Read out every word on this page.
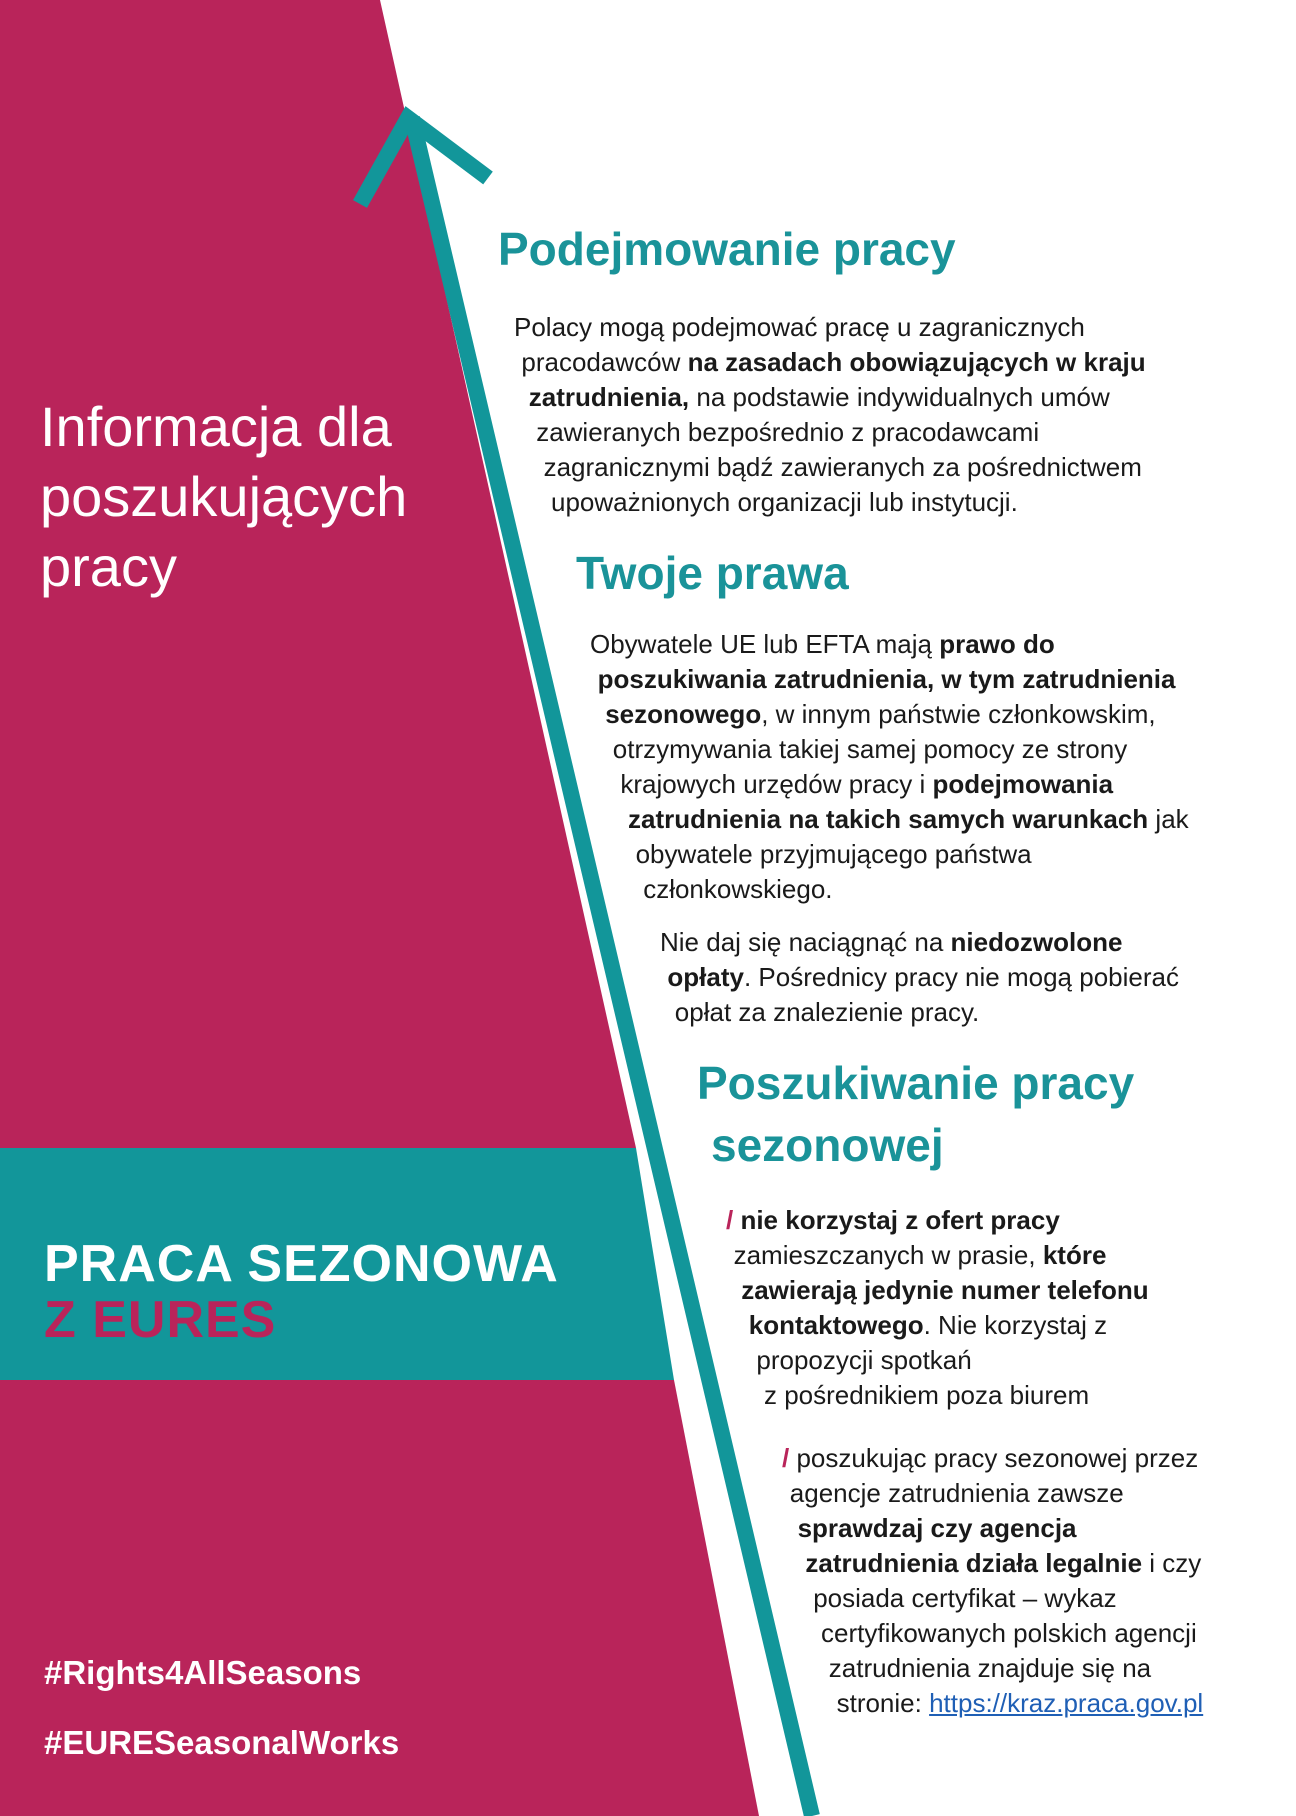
Informacja dla
poszukujących
pracy
PRACA SEZONOWA
Z EURES
#Rights4AllSeasons
#EURESeasonalWorks
Podejmowanie pracy
Polacy mogą podejmować pracę u zagranicznych
pracodawców na zasadach obowiązujących w kraju
zatrudnienia, na podstawie indywidualnych umów
zawieranych bezpośrednio z pracodawcami
zagranicznymi bądź zawieranych za pośrednictwem
upoważnionych organizacji lub instytucji.
Twoje prawa
Obywatele UE lub EFTA mają prawo do
poszukiwania zatrudnienia, w tym zatrudnienia
sezonowego, w innym państwie członkowskim,
otrzymywania takiej samej pomocy ze strony
krajowych urzędów pracy i podejmowania
zatrudnienia na takich samych warunkach jak
obywatele przyjmującego państwa
członkowskiego.
Nie daj się naciągnąć na niedozwolone
opłaty. Pośrednicy pracy nie mogą pobierać
opłat za znalezienie pracy.
Poszukiwanie pracy
sezonowej
/ nie korzystaj z ofert pracy
zamieszczanych w prasie, które
zawierają jedynie numer telefonu
kontaktowego. Nie korzystaj z
propozycji spotkań
z pośrednikiem poza biurem
/ poszukując pracy sezonowej przez
agencje zatrudnienia zawsze
sprawdzaj czy agencja
zatrudnienia działa legalnie i czy
posiada certyfikat – wykaz
certyfikowanych polskich agencji
zatrudnienia znajduje się na
stronie: https://kraz.praca.gov.pl
